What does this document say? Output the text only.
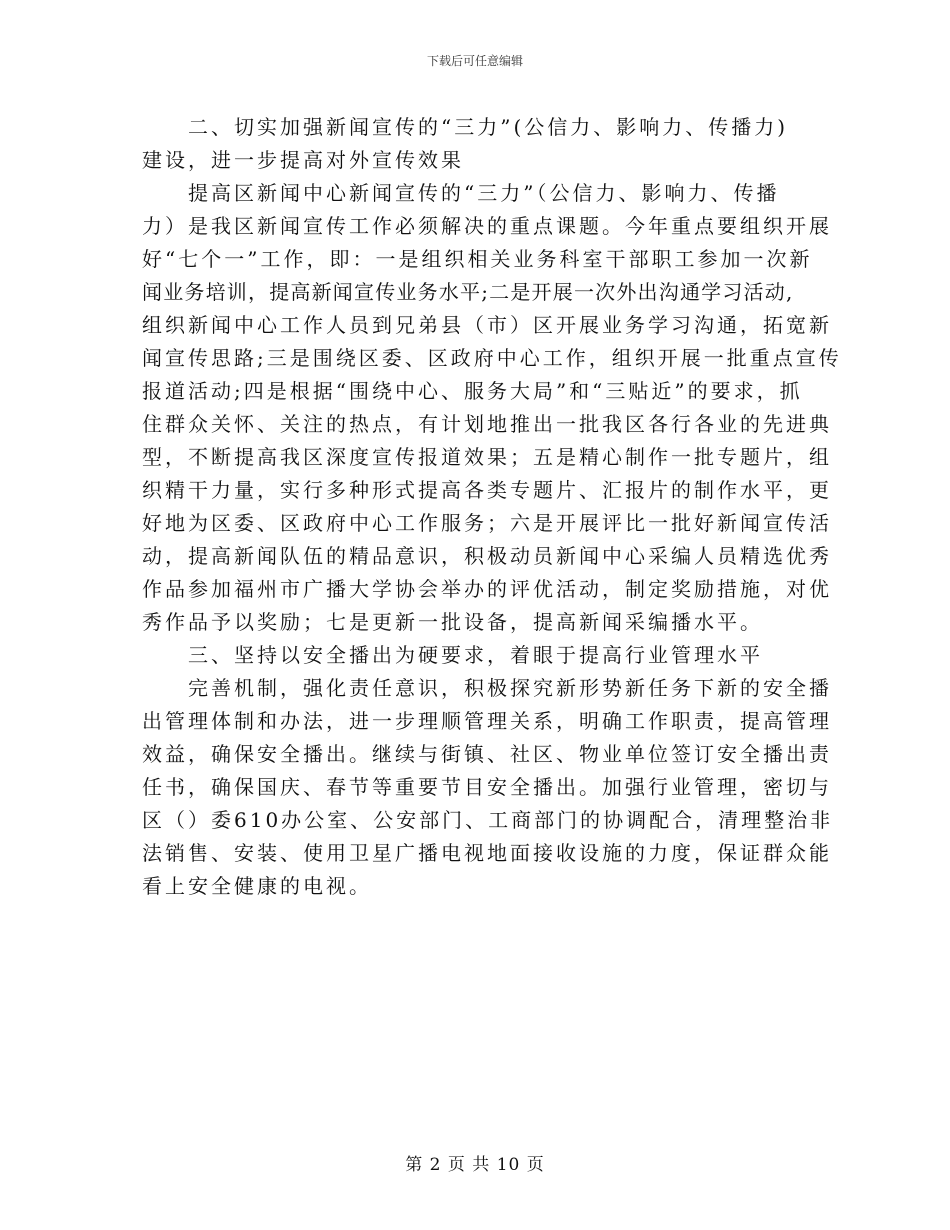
下载后可任意编辑
　　二、切实加强新闻宣传的“三力”(公信力、影响力、传播力)
建设，进一步提高对外宣传效果
　　提高区新闻中心新闻宣传的“三力”（公信力、影响力、传播
力）是我区新闻宣传工作必须解决的重点课题。今年重点要组织开展
好“七个一”工作，即：一是组织相关业务科室干部职工参加一次新
闻业务培训，提高新闻宣传业务水平;二是开展一次外出沟通学习活动,
组织新闻中心工作人员到兄弟县（市）区开展业务学习沟通，拓宽新
闻宣传思路;三是围绕区委、区政府中心工作，组织开展一批重点宣传
报道活动;四是根据“围绕中心、服务大局”和“三贴近”的要求，抓
住群众关怀、关注的热点，有计划地推出一批我区各行各业的先进典
型，不断提高我区深度宣传报道效果；五是精心制作一批专题片，组
织精干力量，实行多种形式提高各类专题片、汇报片的制作水平，更
好地为区委、区政府中心工作服务；六是开展评比一批好新闻宣传活
动，提高新闻队伍的精品意识，积极动员新闻中心采编人员精选优秀
作品参加福州市广播大学协会举办的评优活动，制定奖励措施，对优
秀作品予以奖励；七是更新一批设备，提高新闻采编播水平。
　　三、坚持以安全播出为硬要求，着眼于提高行业管理水平
　　完善机制，强化责任意识，积极探究新形势新任务下新的安全播
出管理体制和办法，进一步理顺管理关系，明确工作职责，提高管理
效益，确保安全播出。继续与街镇、社区、物业单位签订安全播出责
任书，确保国庆、春节等重要节目安全播出。加强行业管理，密切与
区（）委610办公室、公安部门、工商部门的协调配合，清理整治非
法销售、安装、使用卫星广播电视地面接收设施的力度，保证群众能
看上安全健康的电视。
第 2 页 共 10 页
